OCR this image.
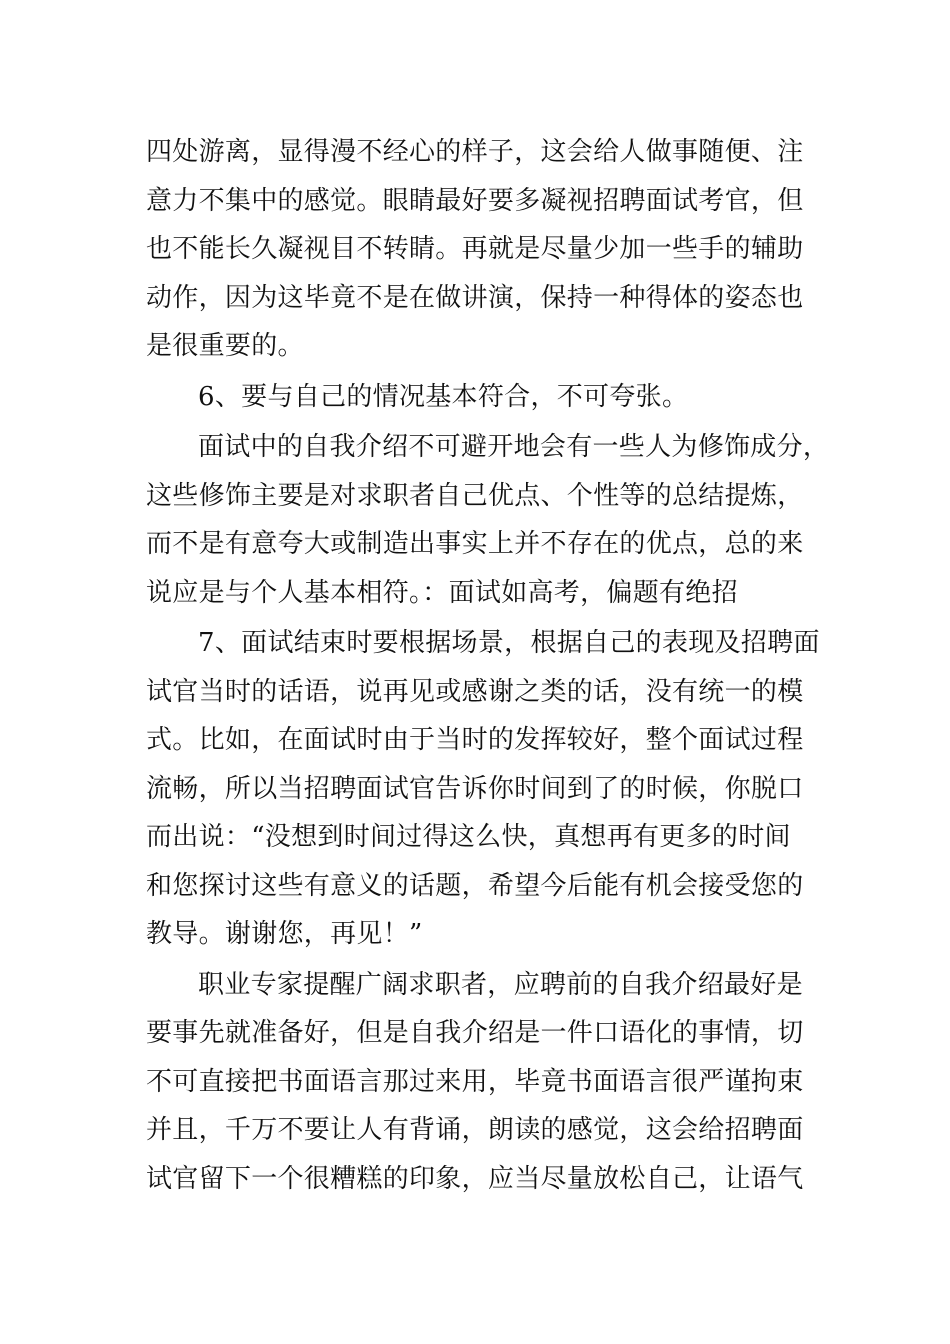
四处游离，显得漫不经心的样子，这会给人做事随便、注
意力不集中的感觉。眼睛最好要多凝视招聘面试考官，但
也不能长久凝视目不转睛。再就是尽量少加一些手的辅助
动作，因为这毕竟不是在做讲演，保持一种得体的姿态也
是很重要的。
6、要与自己的情况基本符合，不可夸张。
面试中的自我介绍不可避开地会有一些人为修饰成分，
这些修饰主要是对求职者自己优点、个性等的总结提炼，
而不是有意夸大或制造出事实上并不存在的优点，总的来
说应是与个人基本相符。：面试如高考，偏题有绝招
7、面试结束时要根据场景，根据自己的表现及招聘面
试官当时的话语，说再见或感谢之类的话，没有统一的模
式。比如，在面试时由于当时的发挥较好，整个面试过程
流畅，所以当招聘面试官告诉你时间到了的时候，你脱口
而出说：“没想到时间过得这么快，真想再有更多的时间
和您探讨这些有意义的话题，希望今后能有机会接受您的
教导。谢谢您，再见！”
职业专家提醒广阔求职者，应聘前的自我介绍最好是
要事先就准备好，但是自我介绍是一件口语化的事情，切
不可直接把书面语言那过来用，毕竟书面语言很严谨拘束
并且，千万不要让人有背诵，朗读的感觉，这会给招聘面
试官留下一个很糟糕的印象，应当尽量放松自己，让语气
